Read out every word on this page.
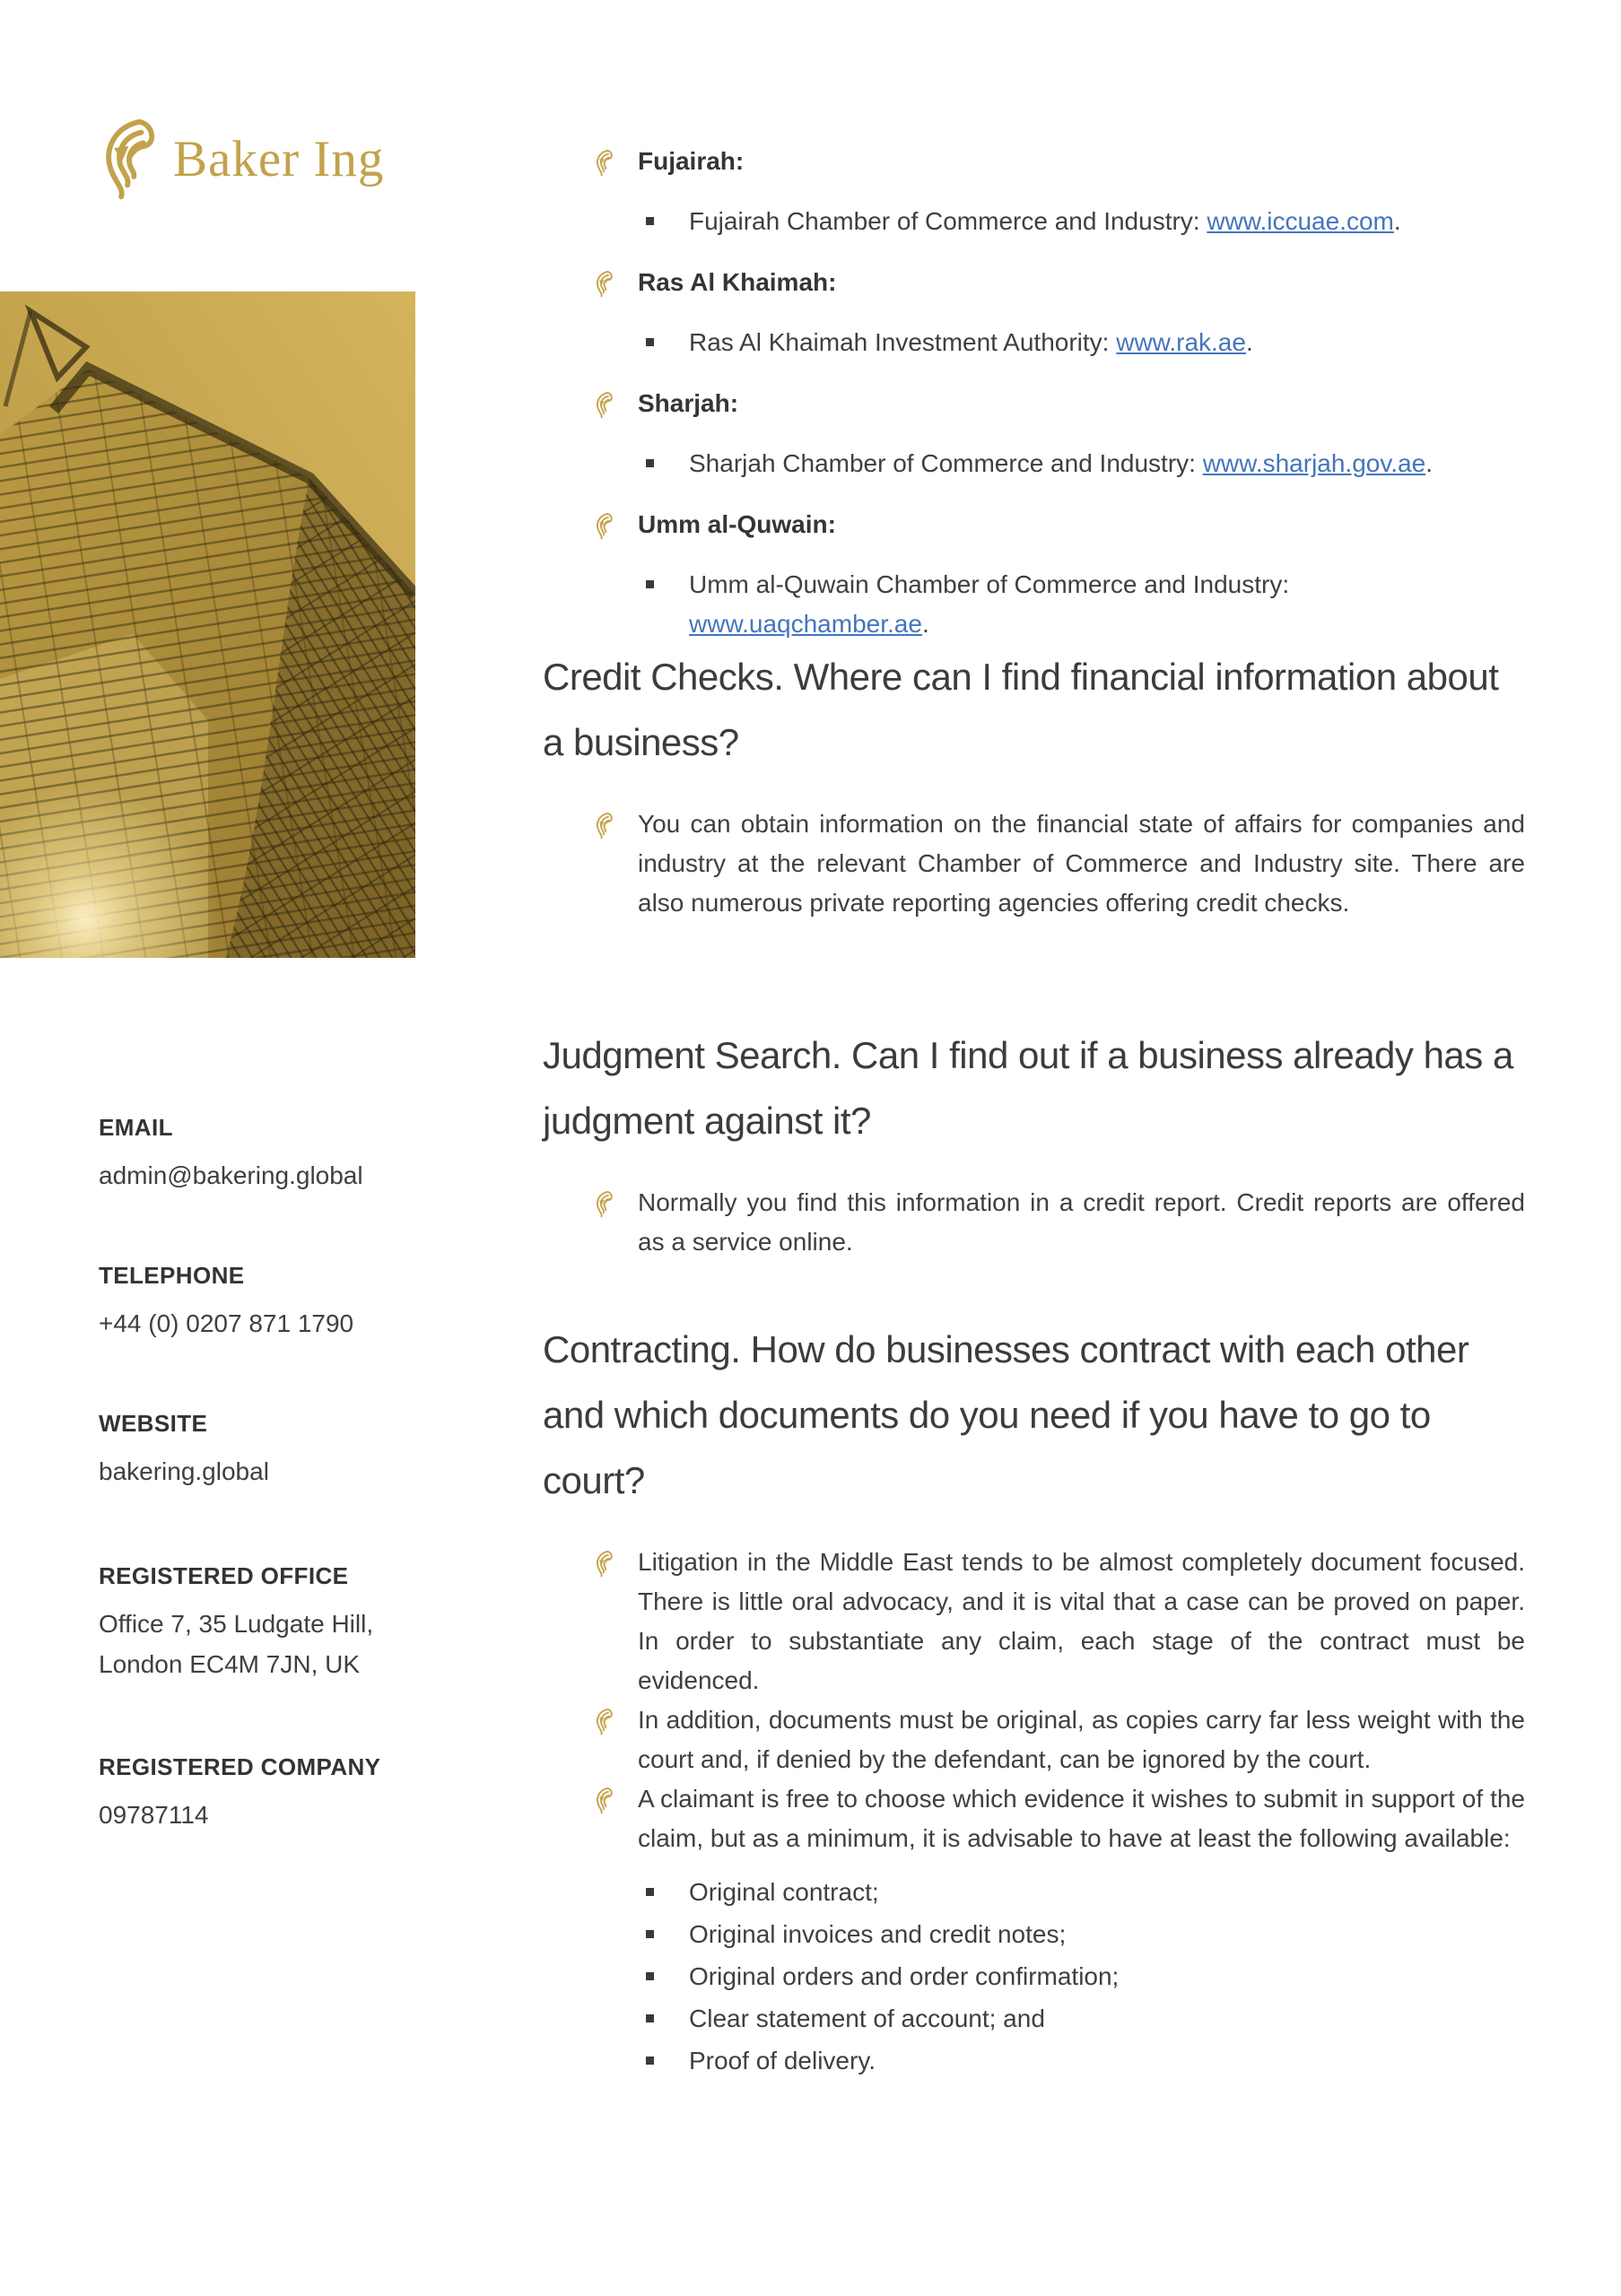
Baker Ing
EMAIL
admin@bakering.global
TELEPHONE
+44 (0) 0207 871 1790
WEBSITE
bakering.global
REGISTERED OFFICE
Office 7, 35 Ludgate Hill, London EC4M 7JN, UK
REGISTERED COMPANY
09787114
Fujairah:
Fujairah Chamber of Commerce and Industry: www.iccuae.com.
Ras Al Khaimah:
Ras Al Khaimah Investment Authority: www.rak.ae.
Sharjah:
Sharjah Chamber of Commerce and Industry: www.sharjah.gov.ae.
Umm al-Quwain:
Umm al-Quwain Chamber of Commerce and Industry:
www.uaqchamber.ae.
Credit Checks. Where can I find financial information about a business?

You can obtain information on the financial state of affairs for companies and industry at the relevant Chamber of Commerce and Industry site. There are also numerous private reporting agencies offering credit checks.

Judgment Search. Can I find out if a business already has a judgment against it?

Normally you find this information in a credit report. Credit reports are offered as a service online.

Contracting. How do businesses contract with each other and which documents do you need if you have to go to court?

Litigation in the Middle East tends to be almost completely document focused. There is little oral advocacy, and it is vital that a case can be proved on paper. In order to substantiate any claim, each stage of the contract must be evidenced.

In addition, documents must be original, as copies carry far less weight with the court and, if denied by the defendant, can be ignored by the court.

A claimant is free to choose which evidence it wishes to submit in support of the claim, but as a minimum, it is advisable to have at least the following available:

Original contract;
Original invoices and credit notes;
Original orders and order confirmation;
Clear statement of account; and
Proof of delivery.
